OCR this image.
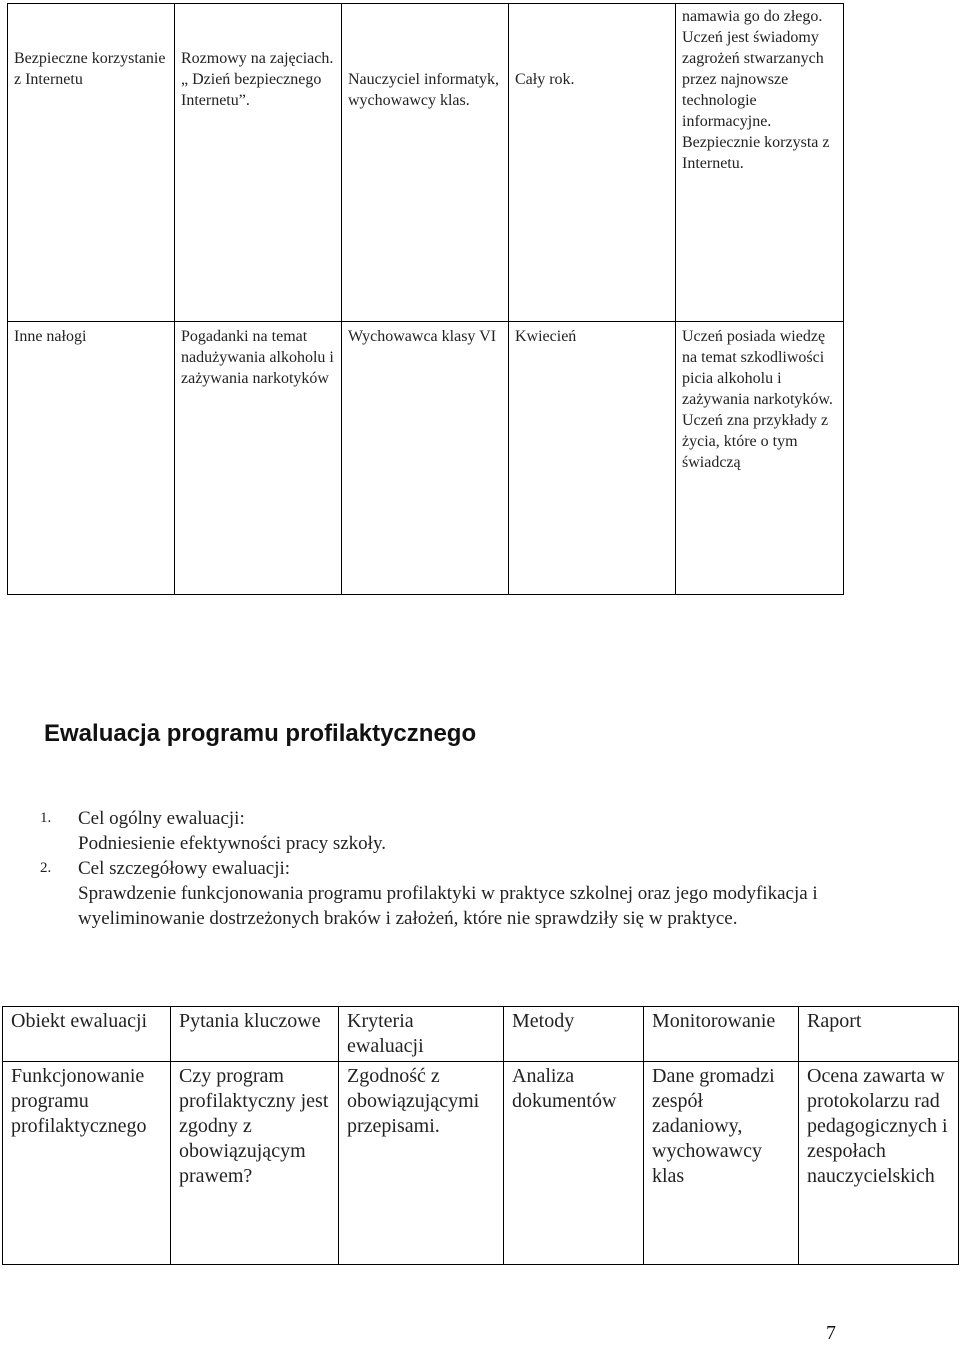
Bezpieczne korzystanie z Internetu	Rozmowy na zajęciach. „ Dzień bezpiecznego Internetu”.	Nauczyciel informatyk, wychowawcy klas.	Cały rok.	namawia go do złego. Uczeń jest świadomy zagrożeń stwarzanych przez najnowsze technologie informacyjne. Bezpiecznie korzysta z Internetu.
Inne nałogi	Pogadanki na temat nadużywania alkoholu i zażywania narkotyków	Wychowawca klasy VI	Kwiecień	Uczeń posiada wiedzę na temat szkodliwości picia alkoholu i zażywania narkotyków. Uczeń zna przykłady z życia, które o tym świadczą
Ewaluacja programu profilaktycznego
1. Cel ogólny ewaluacji:
Podniesienie efektywności pracy szkoły.
2. Cel szczegółowy ewaluacji:
Sprawdzenie funkcjonowania programu profilaktyki w praktyce szkolnej oraz jego modyfikacja i wyeliminowanie dostrzeżonych braków i założeń, które nie sprawdziły się w praktyce.
Obiekt ewaluacji	Pytania kluczowe	Kryteria ewaluacji	Metody	Monitorowanie	Raport
Funkcjonowanie programu profilaktycznego	Czy program profilaktyczny jest zgodny z obowiązującym prawem?	Zgodność z obowiązującymi przepisami.	Analiza dokumentów	Dane gromadzi zespół zadaniowy, wychowawcy klas	Ocena zawarta w protokolarzu rad pedagogicznych i zespołach nauczycielskich
7
